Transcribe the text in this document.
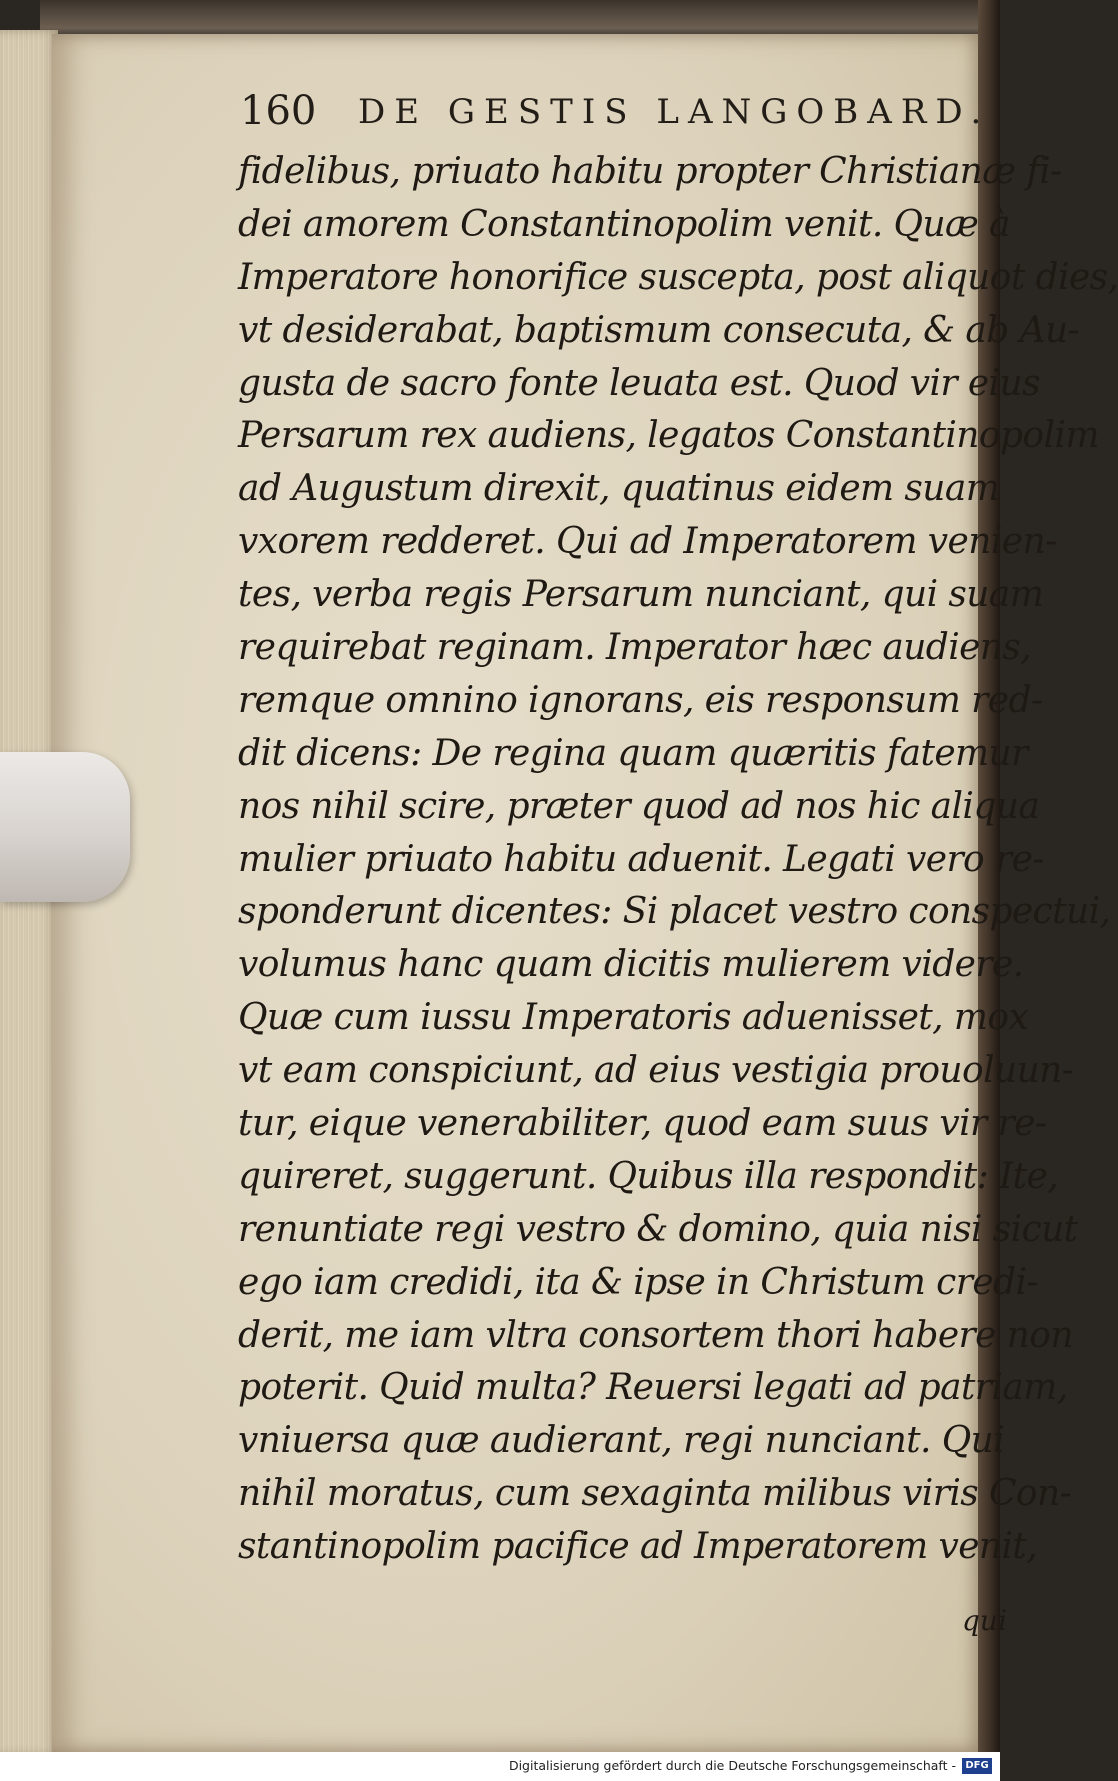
160 DE GESTIS LANGOBARD.
fidelibus, priuato habitu propter Christianæ fi-
dei amorem Constantinopolim venit. Quæ à
Imperatore honorifice suscepta, post aliquot dies,
vt desiderabat, baptismum consecuta, & ab Au-
gusta de sacro fonte leuata est. Quod vir eius
Persarum rex audiens, legatos Constantinopolim
ad Augustum direxit, quatinus eidem suam
vxorem redderet. Qui ad Imperatorem venien-
tes, verba regis Persarum nunciant, qui suam
requirebat reginam. Imperator hæc audiens,
remque omnino ignorans, eis responsum red-
dit dicens: De regina quam quæritis fatemur
nos nihil scire, præter quod ad nos hic aliqua
mulier priuato habitu aduenit. Legati vero re-
sponderunt dicentes: Si placet vestro conspectui,
volumus hanc quam dicitis mulierem videre.
Quæ cum iussu Imperatoris aduenisset, mox
vt eam conspiciunt, ad eius vestigia prouoluun-
tur, eique venerabiliter, quod eam suus vir re-
quireret, suggerunt. Quibus illa respondit: Ite,
renuntiate regi vestro & domino, quia nisi sicut
ego iam credidi, ita & ipse in Christum credi-
derit, me iam vltra consortem thori habere non
poterit. Quid multa? Reuersi legati ad patriam,
vniuersa quæ audierant, regi nunciant. Qui
nihil moratus, cum sexaginta milibus viris Con-
stantinopolim pacifice ad Imperatorem venit,
qui
Digitalisierung gefördert durch die Deutsche Forschungsgemeinschaft - DFG
